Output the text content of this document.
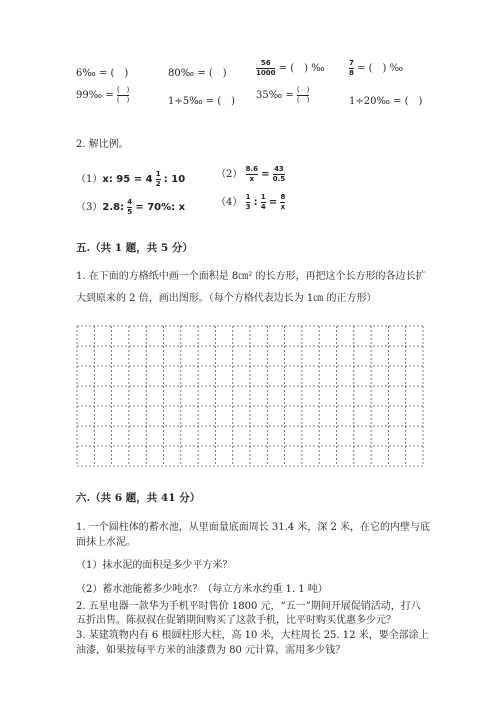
6‰ = (　)	80‰ = (　)	$\frac{56}{1000}$ = (　) ‰	$\frac{7}{8}$ = (　) ‰
99‰ = $\frac{( )}{( )}$	1÷5‰ = (　)
35‰ = $\frac{( )}{( )}$	1÷20‰ = (　)
2. 解比例。
（1）x: $95 = 4 \frac{1}{2}$ : 10	$(2) \frac{8.6}{x} = \frac{43}{0.5}$
（3）2.8: $\frac{4}{5} = 70\%$: x	$(4) \frac{1}{3}$ : $\frac{1}{4} = \frac{8}{x}$
五.（共 1 题，共 5 分）
1. 在下面的方格纸中画一个面积是 8㎝² 的长方形，再把这个长方形的各边长扩
大到原来的 2 倍，画出图形。（每个方格代表边长为 1㎝ 的正方形）
六.（共 6 题，共 41 分）
1. 一个圆柱体的蓄水池，从里面量底面周长 31.4 米，深 2 米，在它的内壁与底
面抹上水泥。
（1）抹水泥的面积是多少平方米？
（2）蓄水池能蓄多少吨水？（每立方米水约重 1. 1 吨）
2. 五星电器一款华为手机平时售价 1800 元，“五一”期间开展促销活动，打八
五折出售。陈叔叔在促销期间购买了这款手机，比平时购买优惠多少元？
3. 某建筑物内有 6 根圆柱形大柱，高 10 米，大柱周长 25. 12 米，要全部涂上
油漆，如果按每平方米的油漆费为 80 元计算，需用多少钱？
